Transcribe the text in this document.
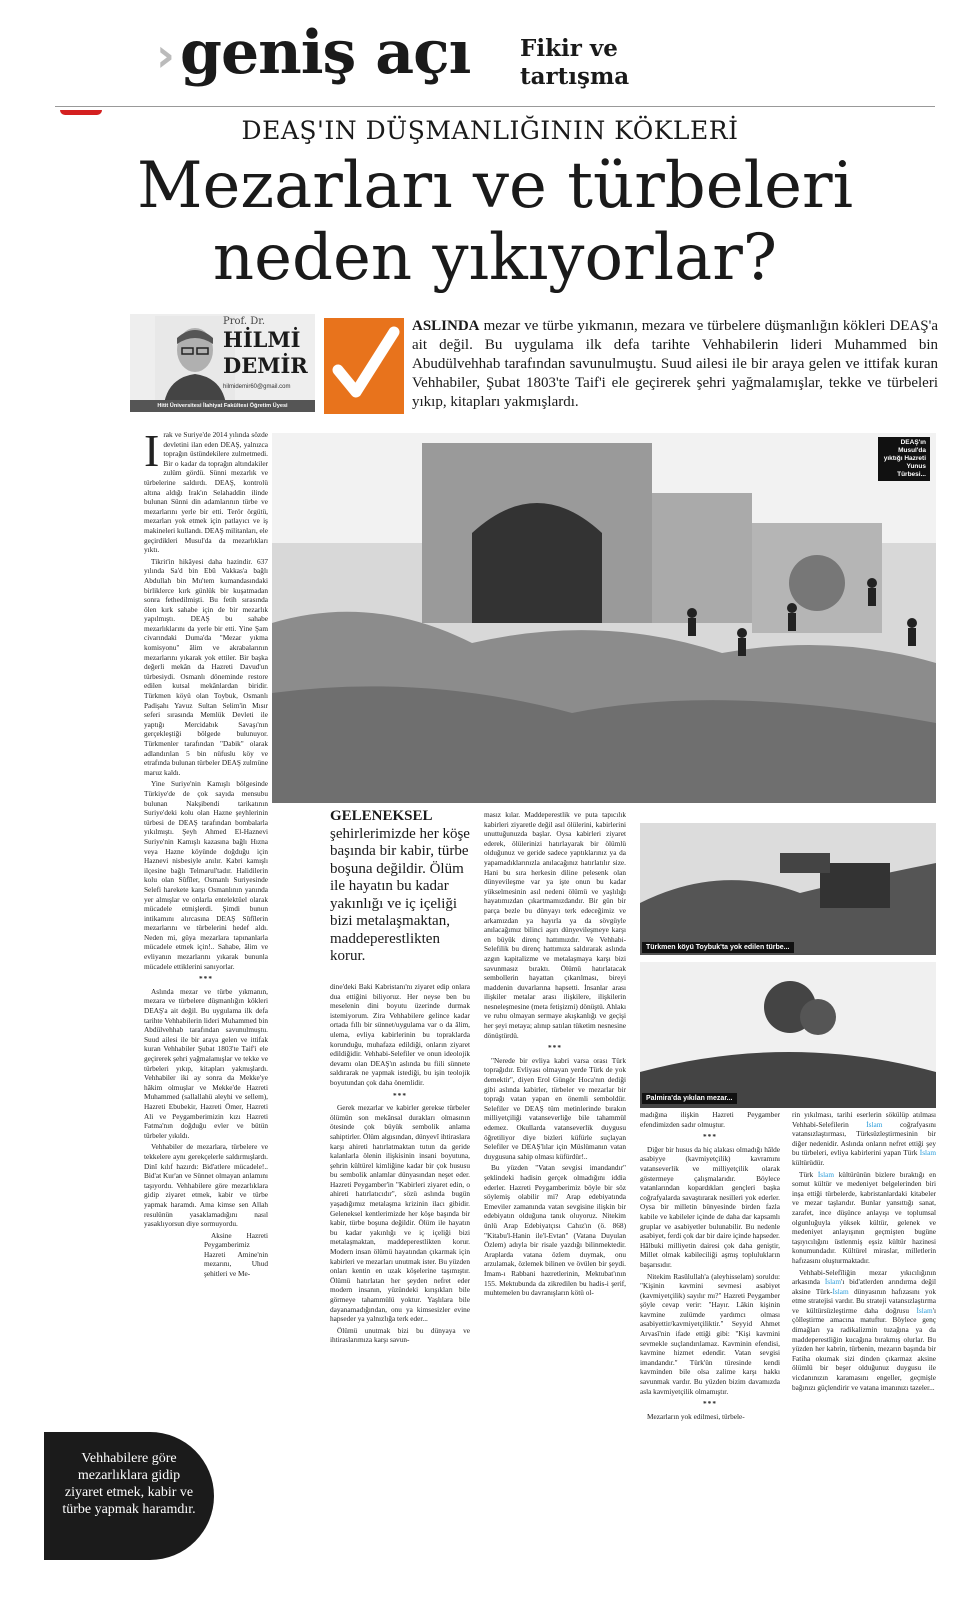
› geniş açı Fikir ve
tartışma
DEAŞ'IN DÜŞMANLIĞININ KÖKLERİ
Mezarları ve türbeleri
neden yıkıyorlar?
Prof. Dr.
HİLMİ
DEMİR
hilmidemir60@gmail.com
Hitit Üniversitesi İlahiyat Fakültesi Öğretim Üyesi
ASLINDA mezar ve türbe yıkmanın, mezara ve türbelere düşmanlığın kökleri DEAŞ'a ait değil. Bu uygulama ilk defa tarihte Vehhabilerin lideri Muhammed bin Abudülvehhab tarafından savunulmuştu. Suud ailesi ile bir araya gelen ve ittifak kuran Vehhabiler, Şubat 1803'te Taif'i ele geçirerek şehri yağmalamışlar, tekke ve türbeleri yıkıp, kitapları yakmışlardı.
DEAŞ'ın Musul'da yıktığı Hazreti Yunus Türbesi...
Türkmen köyü Toybuk'ta yok edilen türbe...
Palmira'da yıkılan mezar...
I rak ve Suriye'de 2014 yılında sözde devletini ilan eden DEAŞ, yalnızca toprağın üstündekilere zulmetmedi. Bir o kadar da toprağın altındakiler zulüm gördü. Sünni mezarlık ve türbelerine saldırdı. DEAŞ, kontrolü altına aldığı Irak'ın Selahaddin ilinde bulunan Sünni din adamlarının türbe ve mezarlarını yerle bir etti. Terör örgütü, mezarları yok etmek için patlayıcı ve iş makineleri kullandı. DEAŞ militanları, ele geçirdikleri Musul'da da mezarlıkları yıktı.

Tikrit'in hikâyesi daha hazindir. 637 yılında Sa'd bin Ebû Vakkas'a bağlı Abdullah bin Mu'tem kumandasındaki birliklerce kırk günlük bir kuşatmadan sonra fethedilmişti. Bu fetih sırasında ölen kırk sahabe için de bir mezarlık yapılmıştı. DEAŞ bu sahabe mezarlıklarını da yerle bir etti. Yine Şam civarındaki Duma'da "Mezar yıkma komisyonu" âlim ve akrabalarının mezarlarını yıkarak yok ettiler. Bir başka değerli mekân da Hazreti Davud'un türbesiydi. Osmanlı döneminde restore edilen kutsal mekânlardan biridir. Türkmen köyü olan Toybuk, Osmanlı Padişahı Yavuz Sultan Selim'in Mısır seferi sırasında Memlük Devleti ile yaptığı Mercidabık Savaşı'nın gerçekleştiği bölgede bulunuyor. Türkmenler tarafından "Dabik" olarak adlandırılan 5 bin nüfuslu köy ve etrafında bulunan türbeler DEAŞ zulmüne maruz kaldı.

Yine Suriye'nin Kamışlı bölgesinde Türkiye'de de çok sayıda mensubu bulunan Nakşibendi tarikatının Suriye'deki kolu olan Hazne şeyhlerinin türbesi de DEAŞ tarafından bombalarla yıkılmıştı. Şeyh Ahmed El-Haznevi Suriye'nin Kamışlı kazasına bağlı Hızna veya Hazne köyünde doğduğu için Haznevi nisbesiyle anılır. Kabri kamışlı ilçesine bağlı Telmarul'tadır. Halidilerin kolu olan Sûfîler, Osmanlı Suriyesinde Selefi harekete karşı Osmanlının yanında yer almışlar ve onlarla entelektüel olarak mücadele etmişlerdi. Şimdi bunun intikamını alırcasına DEAŞ Sûfîlerin mezarlarını ve türbelerini hedef aldı. Neden mi, güya mezarlara tapınanlarla mücadele etmek için!.. Sahabe, âlim ve evliyanın mezarlarını yıkarak bununla mücadele ettiklerini sanıyorlar.

***

Aslında mezar ve türbe yıkmanın, mezara ve türbelere düşmanlığın kökleri DEAŞ'a ait değil. Bu uygulama ilk defa tarihte Vehhabilerin lideri Muhammed bin Abdülvehhab tarafından savunulmuştu. Suud ailesi ile bir araya gelen ve ittifak kuran Vehhabiler Şubat 1803'te Taif'i ele geçirerek şehri yağmalamışlar ve tekke ve türbeleri yıkıp, kitapları yakmışlardı. Vehhabiler iki ay sonra da Mekke'ye hâkim olmuşlar ve Mekke'de Hazreti Muhammed (sallallahü aleyhi ve sellem), Hazreti Ebubekir, Hazreti Ömer, Hazreti Ali ve Peygamberimizin kızı Hazreti Fatma'nın doğduğu evler ve bütün türbeler yıkıldı.

Vehhabiler de mezarlara, türbelere ve tekkelere aynı gerekçelerle saldırmışlardı. Dinî kılıf hazırdı: Bid'atlere mücadele!.. Bid'at Kur'an ve Sünnet olmayan anlamını taşıyordu. Vehhabilere göre mezarlıklara gidip ziyaret etmek, kabir ve türbe yapmak haramdı. Ama kimse sen Allah resulünün yasaklamadığını nasıl yasaklıyorsun diye sormuyordu.

Aksine Hazreti Peygamberimiz Hazreti Amine'nin mezarını, Uhud şehitleri ve Me-

Vehhabilere göre mezarlıklara gidip ziyaret etmek, kabir ve türbe yapmak haramdır.
GELENEKSEL şehirlerimizde her köşe başında bir kabir, türbe boşuna değildir. Ölüm ile hayatın bu kadar yakınlığı ve iç içeliği bizi metalaşmaktan, maddeperestlikten korur.

dine'deki Baki Kabristanı'nı ziyaret edip onlara dua ettiğini biliyoruz. Her neyse ben bu meselenin dini boyutu üzerinde durmak istemiyorum. Zira Vehhabilere gelince kadar ortada fıllı bir sünnet/uygulama var o da âlim, ulema, evliya kabirlerinin bu topraklarda korunduğu, muhafaza edildiği, onların ziyaret edildiğidir. Vehhabi-Selefiler ve onun ideolojik devamı olan DEAŞ'ın aslında bu fiili sünnete saldırarak ne yapmak istediği, bu işin teolojik boyutundan çok daha önemlidir.

***

Gerek mezarlar ve kabirler gerekse türbeler ölümün son mekânsal durakları olmasının ötesinde çok büyük sembolik anlama sahiptirler. Ölüm algısından, dünyevî ihtiraslara karşı ahireti hatırlatmaktan tutun da geride kalanlarla ölenin ilişkisinin insani boyutuna, şehrin kültürel kimliğine kadar bir çok hususu bu sembolik anlamlar dünyasından neşet eder. Hazreti Peygamber'in "Kabirleri ziyaret edin, o ahireti hatırlatıcıdır", sözü aslında bugün yaşadığımız metalaşma krizinin ilacı gibidir. Geleneksel kentlerimizde her köşe başında bir kabir, türbe boşuna değildir. Ölüm ile hayatın bu kadar yakınlığı ve iç içeliği bizi metalaşmaktan, maddeperestlikten korur. Modern insan ölümü hayatından çıkarmak için kabirleri ve mezarları unutmak ister. Bu yüzden onları kentin en uzak köşelerine taşımıştır. Ölümü hatırlatan her şeyden nefret eder modern insanın, yüzündeki kırışıkları bile görmeye tahammülü yoktur. Yaşlılara bile dayanamadığından, onu ya kimsesizler evine hapseder ya yalnızlığa terk eder...

Ölümü unutmak bizi bu dünyaya ve ihtiraslarımıza karşı savun-

masız kılar. Maddeperestlik ve puta tapıcılık kabirleri ziyaretle değil asıl ölülerini, kabirlerini unuttuğunuzda başlar. Oysa kabirleri ziyaret ederek, ölülerinizi hatırlayarak bir ölümlü olduğunuz ve geride sadece yaptıklarınız ya da yapamadıklarınızla anılacağınız hatırlatılır size. Hani bu sıra herkesin diline pelesenk olan dünyevileşme var ya işte onun bu kadar yükselmesinin asıl nedeni ölümü ve yaşlılığı hayatımızdan çıkartmamızdandır. Bir gün bir parça bezle bu dünyayı terk edeceğimiz ve arkamızdan ya hayırla ya da sövgüyle anılacağımız bilinci aşırı dünyevileşmeye karşı en büyük direnç hattımızdır. Ve Vehhabi-Selefilik bu direnç hattımıza saldırarak aslında azgın kapitalizme ve metalaşmaya karşı bizi savunmasız bıraktı. Ölümü hatırlatacak sembollerin hayattan çıkarılması, bireyi maddenin duvarlarına hapsetti. İnsanlar arası ilişkiler metalar arası ilişkilere, ilişkilerin nesneleşmesine (meta fetişizmi) dönüştü. Ahlakı ve ruhu olmayan sermaye akışkanlığı ve geçişi her şeyi metaya; alınıp satılan tüketim nesnesine dönüştürdü.

***

"Nerede bir evliya kabri varsa orası Türk toprağıdır. Evliyası olmayan yerde Türk de yok demektir", diyen Erol Güngör Hoca'nın dediği gibi aslında kabirler, türbeler ve mezarlar bir toprağı vatan yapan en önemli semboldür. Selefiler ve DEAŞ tüm metinlerinde bırakın milliyetçiliği vatanseverliğe bile tahammül edemez. Okullarda vatanseverlik duygusu öğretiliyor diye bizleri küfürle suçlayan Selefiler ve DEAŞ'lılar için Müslümanın vatan duygusuna sahip olması küfürdür!..

Bu yüzden "Vatan sevgisi imandandır" şeklindeki hadisin gerçek olmadığını iddia ederler. Hazreti Peygamberimiz böyle bir söz söylemiş olabilir mi? Arap edebiyatında Emeviler zamanında vatan sevgisine ilişkin bir edebiyatın olduğuna tanık oluyoruz. Nitekim ünlü Arap Edebiyatçısı Cahız'ın (ö. 868) "Kitabu'l-Hanin ile'l-Evtan" (Vatana Duyulan Özlem) adıyla bir risale yazdığı bilinmektedir. Araplarda vatana özlem duymak, onu arzulamak, özlemek bilinen ve övülen bir şeydi. İmam-ı Rabbani hazretlerinin, Mektubat'ının 155. Mektubunda da zikredilen bu hadis-i şerif, muhtemelen bu davranışların kötü ol-

madığına ilişkin Hazreti Peygamber efendimizden sadır olmuştur.

***

Diğer bir husus da hiç alakası olmadığı hâlde asabiyye (kavmiyetçilik) kavramını vatanseverlik ve milliyetçilik olarak göstermeye çalışmalarıdır. Böylece vatanlarından kopardıkları gençleri başka coğrafyalarda savaştırarak nesilleri yok ederler. Oysa bir milletin bünyesinde birden fazla kabile ve kabileler içinde de daha dar kapsamlı gruplar ve asabiyetler bulunabilir. Bu nedenle asabiyet, ferdi çok dar bir daire içinde hapseder. Hâlbuki milliyetin dairesi çok daha geniştir, Millet olmak kabileciliği aşmış toplulukların başarısıdır.

Nitekim Rasûlullah'a (aleyhisselam) soruldu: "Kişinin kavmini sevmesi asabiyet (kavmiyetçilik) sayılır mı?" Hazreti Peygamber şöyle cevap verir: "Hayır. Lâkin kişinin kavmine zulümde yardımcı olması asabiyettir/kavmiyetçiliktir." Seyyid Ahmet Arvasî'nin ifade ettiği gibi: "Kişi kavmini sevmekle suçlandırılamaz. Kavminin efendisi, kavmine hizmet edendir. Vatan sevgisi imandandır." Türk'ün türesinde kendi kavminden bile olsa zalime karşı hakkı savunmak vardır. Bu yüzden bizim davamızda asla kavmiyetçilik olmamıştır.

***

Mezarların yok edilmesi, türbele-

rin yıkılması, tarihi eserlerin sökülüp atılması Vehhabi-Selefilerin İslam coğrafyasını vatansızlaştırması, Türksüzleştirmesinin bir diğer nedenidir. Aslında onların nefret ettiği şey bu türbeleri, evliya kabirlerini yapan Türk İslam kültürüdür.

Türk İslam kültürünün bizlere bıraktığı en somut kültür ve medeniyet belgelerinden biri inşa ettiği türbelerde, kabristanlardaki kitabeler ve mezar taşlarıdır. Bunlar yansıttığı sanat, zarafet, ince düşünce anlayışı ve toplumsal olgunluğuyla yüksek kültür, gelenek ve medeniyet anlayışının geçmişten bugüne taşıyıcılığını üstlenmiş eşsiz kültür hazinesi konumundadır. Kültürel miraslar, milletlerin hafızasını oluşturmaktadır.

Vehhabi-Selefîliğin mezar yıkıcılığının arkasında İslam'ı bid'atlerden arındırma değil aksine Türk-İslam dünyasının hafızasını yok etme stratejisi vardır. Bu strateji vatansızlaştırma ve kültürsüzleştirme daha doğrusu İslam'ı çölleştirme amacına matuftur. Böylece genç dimağları ya radikalizmin tuzağına ya da maddeperestliğin kucağına bırakmış olurlar. Bu yüzden her kabrin, türbenin, mezarın başında bir Fatiha okumak sizi dinden çıkarmaz aksine ölümlü bir beşer olduğunuz duygusu ile vicdanınızın karamasını engeller, geçmişle bağınızı güçlendirir ve vatana imanınızı tazeler...
